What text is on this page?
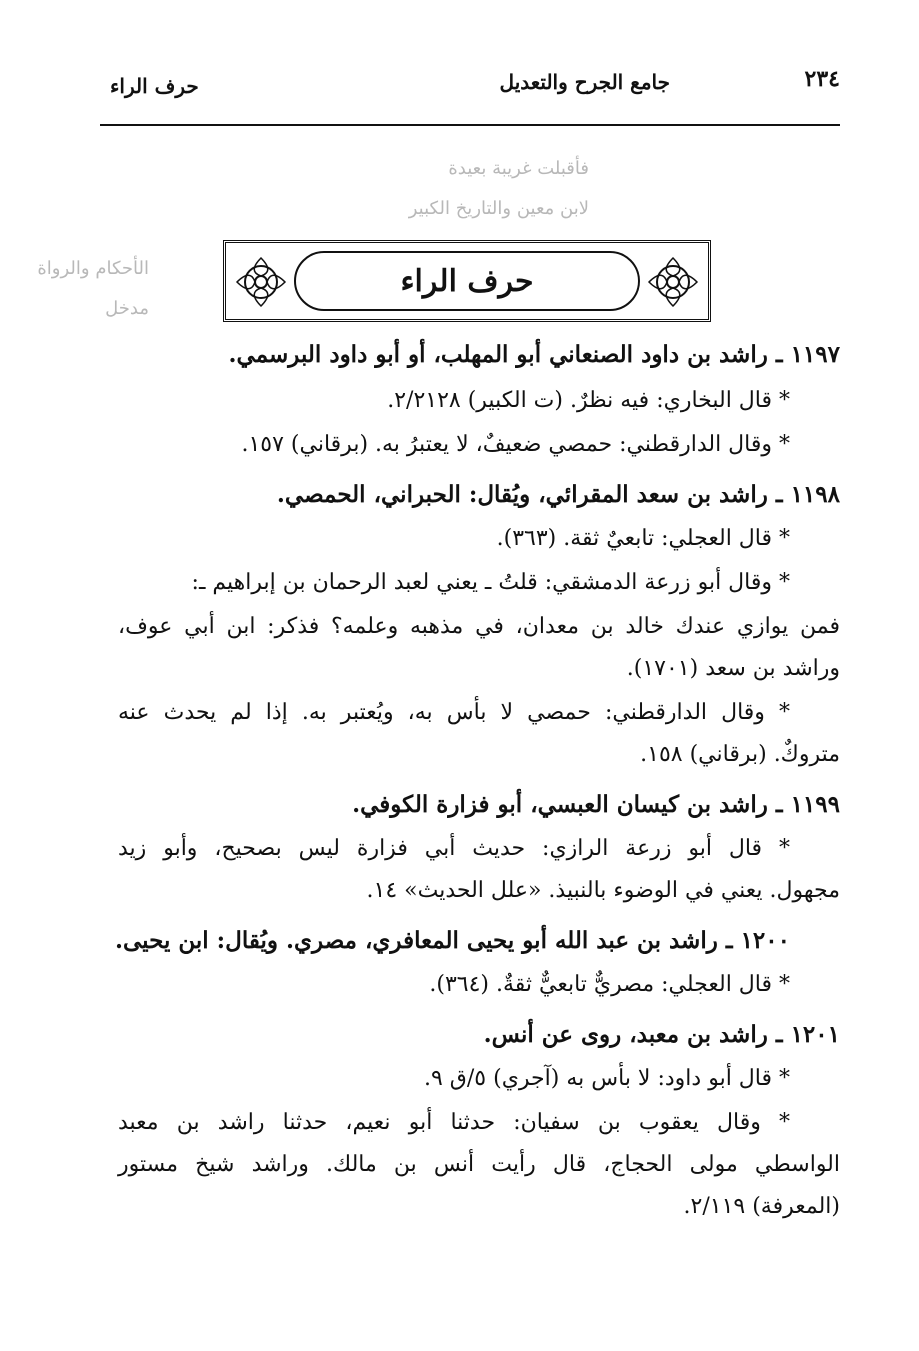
٢٣٤
جامع الجرح والتعديل
حرف الراء
فأقبلت غريبة بعيدة
لابن معين والتاريخ الكبير
الأحكام والرواة
مدخل
حرف الراء
١١٩٧ ـ راشد بن داود الصنعاني أبو المهلب، أو أبو داود البرسمي.
* قال البخاري: فيه نظرٌ. (ت الكبير) ٢/٢١٢٨.
* وقال الدارقطني: حمصي ضعيفٌ، لا يعتبرُ به. (برقاني) ١٥٧.
١١٩٨ ـ راشد بن سعد المقرائي، ويُقال: الحبراني، الحمصي.
* قال العجلي: تابعيٌ ثقة. (٣٦٣).
* وقال أبو زرعة الدمشقي: قلتُ ـ يعني لعبد الرحمان بن إبراهيم ـ:
فمن يوازي عندك خالد بن معدان، في مذهبه وعلمه؟ فذكر: ابن أبي عوف،
وراشد بن سعد (١٧٠١).
* وقال الدارقطني: حمصي لا بأس به، ويُعتبر به. إذا لم يحدث عنه
متروكٌ. (برقاني) ١٥٨.
١١٩٩ ـ راشد بن كيسان العبسي، أبو فزارة الكوفي.
* قال أبو زرعة الرازي: حديث أبي فزارة ليس بصحيح، وأبو زيد
مجهول. يعني في الوضوء بالنبيذ. «علل الحديث» ١٤.
١٢٠٠ ـ راشد بن عبد الله أبو يحيى المعافري، مصري. ويُقال: ابن يحيى.
* قال العجلي: مصريٌّ تابعيٌّ ثقةٌ. (٣٦٤).
١٢٠١ ـ راشد بن معبد، روى عن أنس.
* قال أبو داود: لا بأس به (آجري) ٥/ق ٩.
* وقال يعقوب بن سفيان: حدثنا أبو نعيم، حدثنا راشد بن معبد
الواسطي مولى الحجاج، قال رأيت أنس بن مالك. وراشد شيخ مستور
(المعرفة) ٢/١١٩.
